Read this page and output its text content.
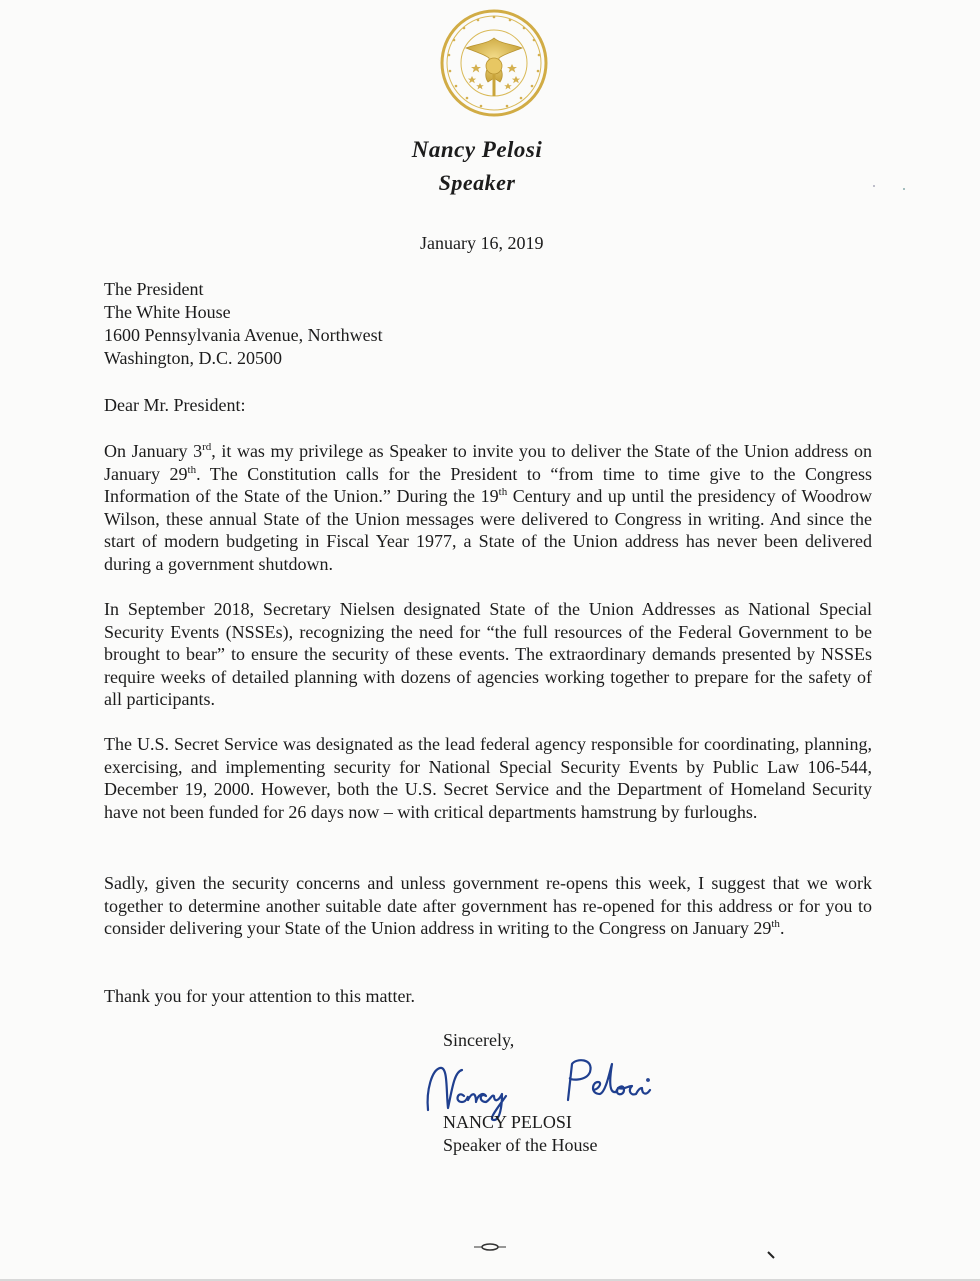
Nancy Pelosi
Speaker
January 16, 2019
The President
The White House
1600 Pennsylvania Avenue, Northwest
Washington, D.C. 20500
Dear Mr. President:

On January 3rd, it was my privilege as Speaker to invite you to deliver the State of the Union address on January 29th. The Constitution calls for the President to “from time to time give to the Congress Information of the State of the Union.” During the 19th Century and up until the presidency of Woodrow Wilson, these annual State of the Union messages were delivered to Congress in writing. And since the start of modern budgeting in Fiscal Year 1977, a State of the Union address has never been delivered during a government shutdown.

In September 2018, Secretary Nielsen designated State of the Union Addresses as National Special Security Events (NSSEs), recognizing the need for “the full resources of the Federal Government to be brought to bear” to ensure the security of these events. The extraordinary demands presented by NSSEs require weeks of detailed planning with dozens of agencies working together to prepare for the safety of all participants.

The U.S. Secret Service was designated as the lead federal agency responsible for coordinating, planning, exercising, and implementing security for National Special Security Events by Public Law 106-544, December 19, 2000. However, both the U.S. Secret Service and the Department of Homeland Security have not been funded for 26 days now – with critical departments hamstrung by furloughs.

Sadly, given the security concerns and unless government re-opens this week, I suggest that we work together to determine another suitable date after government has re-opened for this address or for you to consider delivering your State of the Union address in writing to the Congress on January 29th.

Thank you for your attention to this matter.

Sincerely,
NANCY PELOSI
Speaker of the House
